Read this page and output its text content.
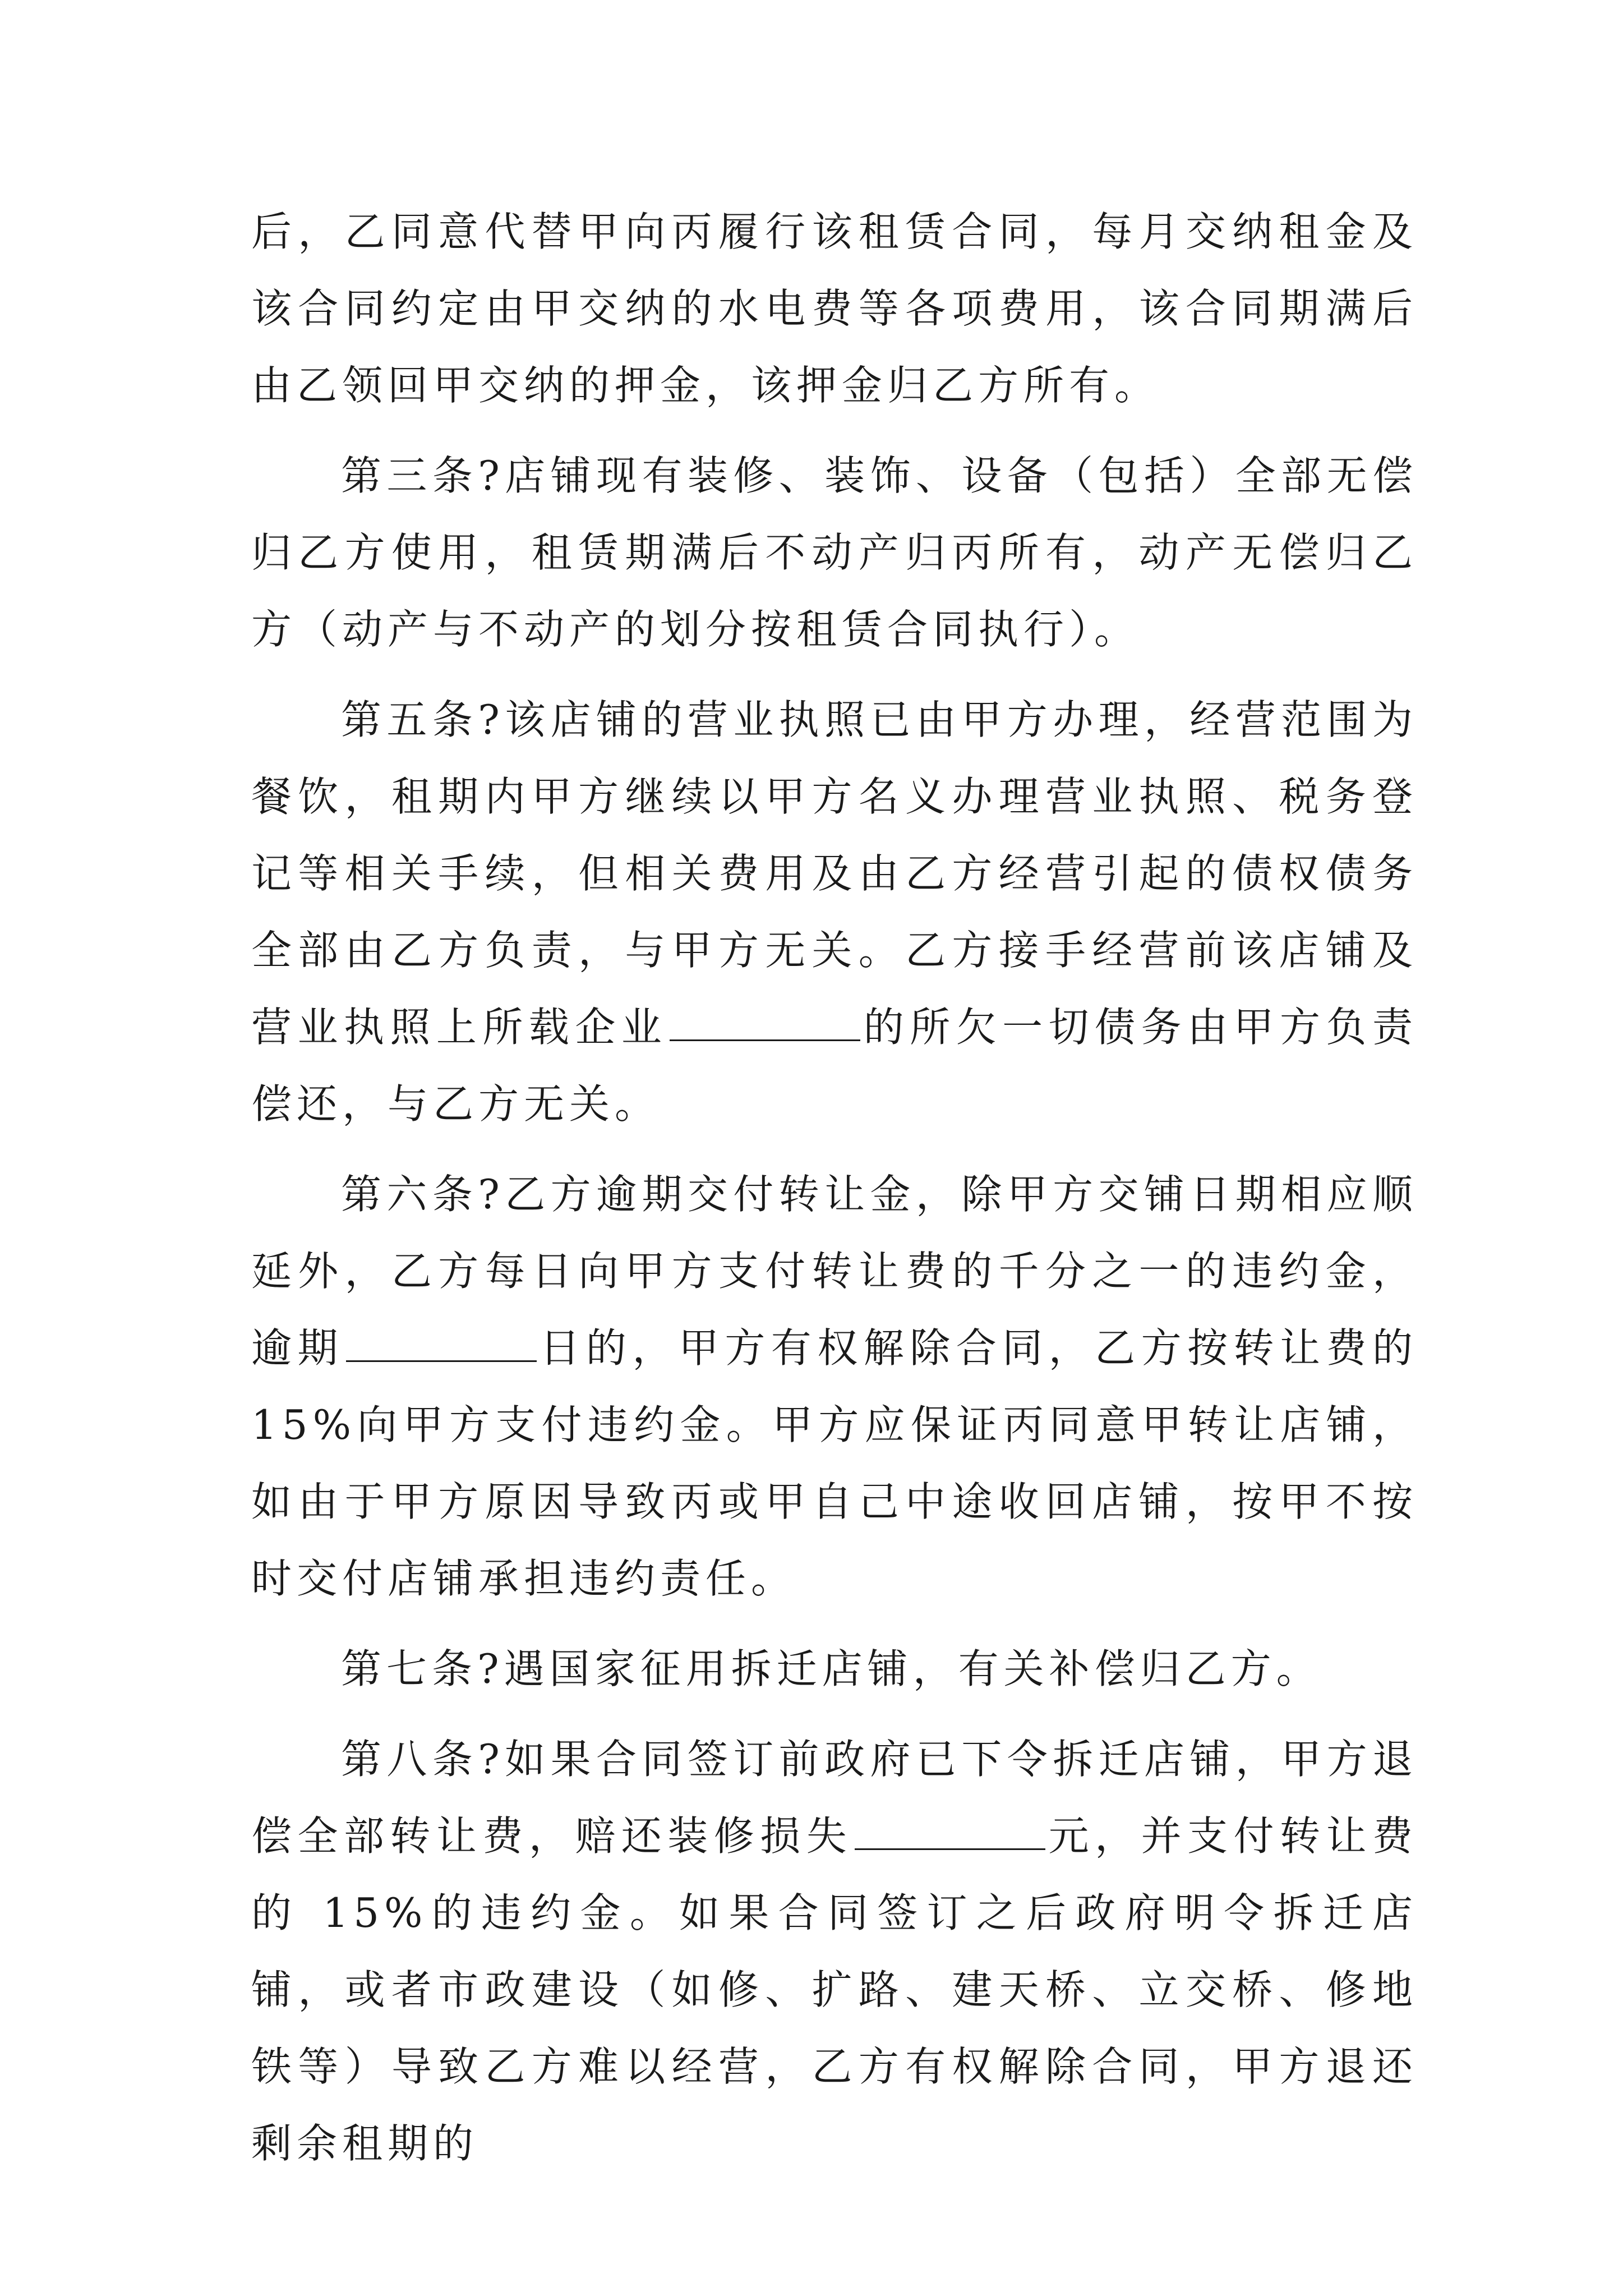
后，乙同意代替甲向丙履行该租赁合同，每月交纳租金及该合同约定由甲交纳的水电费等各项费用，该合同期满后由乙领回甲交纳的押金，该押金归乙方所有。

第三条?店铺现有装修、装饰、设备（包括）全部无偿归乙方使用，租赁期满后不动产归丙所有，动产无偿归乙方（动产与不动产的划分按租赁合同执行）。

第五条?该店铺的营业执照已由甲方办理，经营范围为餐饮，租期内甲方继续以甲方名义办理营业执照、税务登记等相关手续，但相关费用及由乙方经营引起的债权债务全部由乙方负责，与甲方无关。乙方接手经营前该店铺及营业执照上所载企业	的所欠一切债务由甲方负责偿还，与乙方无关。

第六条?乙方逾期交付转让金，除甲方交铺日期相应顺延外，乙方每日向甲方支付转让费的千分之一的违约金，逾期	日的，甲方有权解除合同，乙方按转让费的 15%向甲方支付违约金。甲方应保证丙同意甲转让店铺，如由于甲方原因导致丙或甲自己中途收回店铺，按甲不按时交付店铺承担违约责任。

第七条?遇国家征用拆迁店铺，有关补偿归乙方。

第八条?如果合同签订前政府已下令拆迁店铺，甲方退偿全部转让费，赔还装修损失	元，并支付转让费的 15%的违约金。如果合同签订之后政府明令拆迁店铺，或者市政建设（如修、扩路、建天桥、立交桥、修地铁等）导致乙方难以经营，乙方有权解除合同，甲方退还剩余租期的
